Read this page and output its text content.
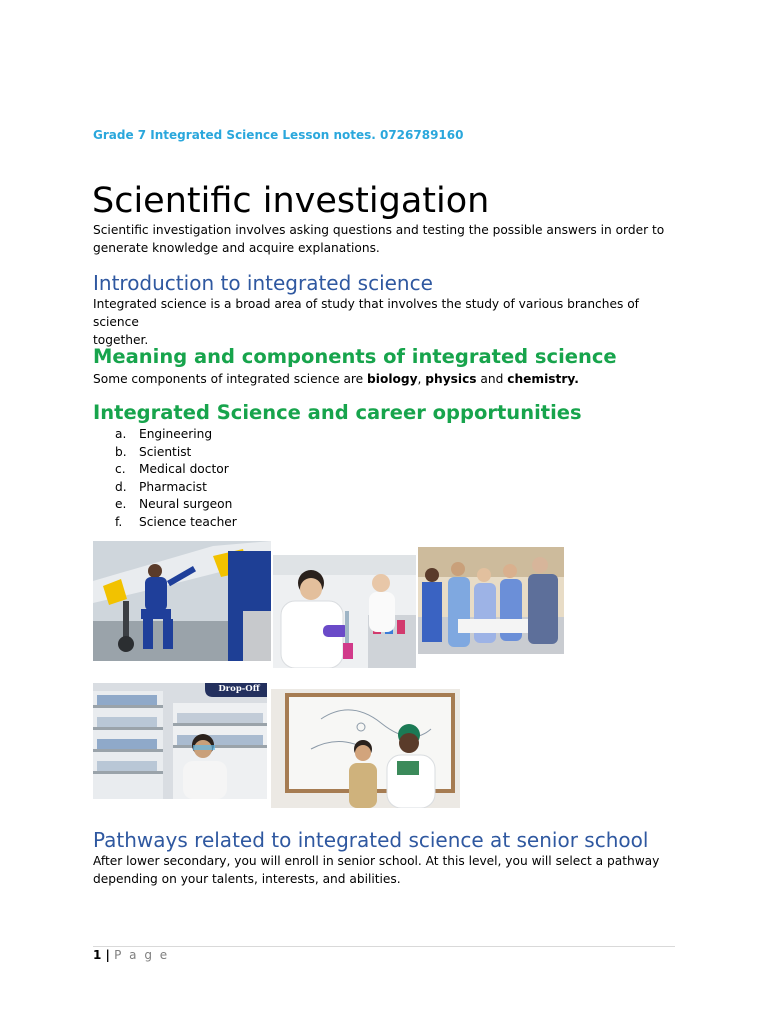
Grade 7 Integrated Science Lesson notes. 0726789160
Scientific investigation
Scientific investigation involves asking questions and testing the possible answers in order to
generate knowledge and acquire explanations.
Introduction to integrated science
Integrated science is a broad area of study that involves the study of various branches of science
together.
Meaning and components of integrated science
Some components of integrated science are biology, physics and chemistry.
Integrated Science and career opportunities
a.	Engineering
b.	Scientist
c.	Medical doctor
d.	Pharmacist
e.	Neural surgeon
f.	Science teacher
Drop-Off
Pathways related to integrated science at senior school
After lower secondary, you will enroll in senior school. At this level, you will select a pathway
depending on your talents, interests, and abilities.
1 | P a g e
